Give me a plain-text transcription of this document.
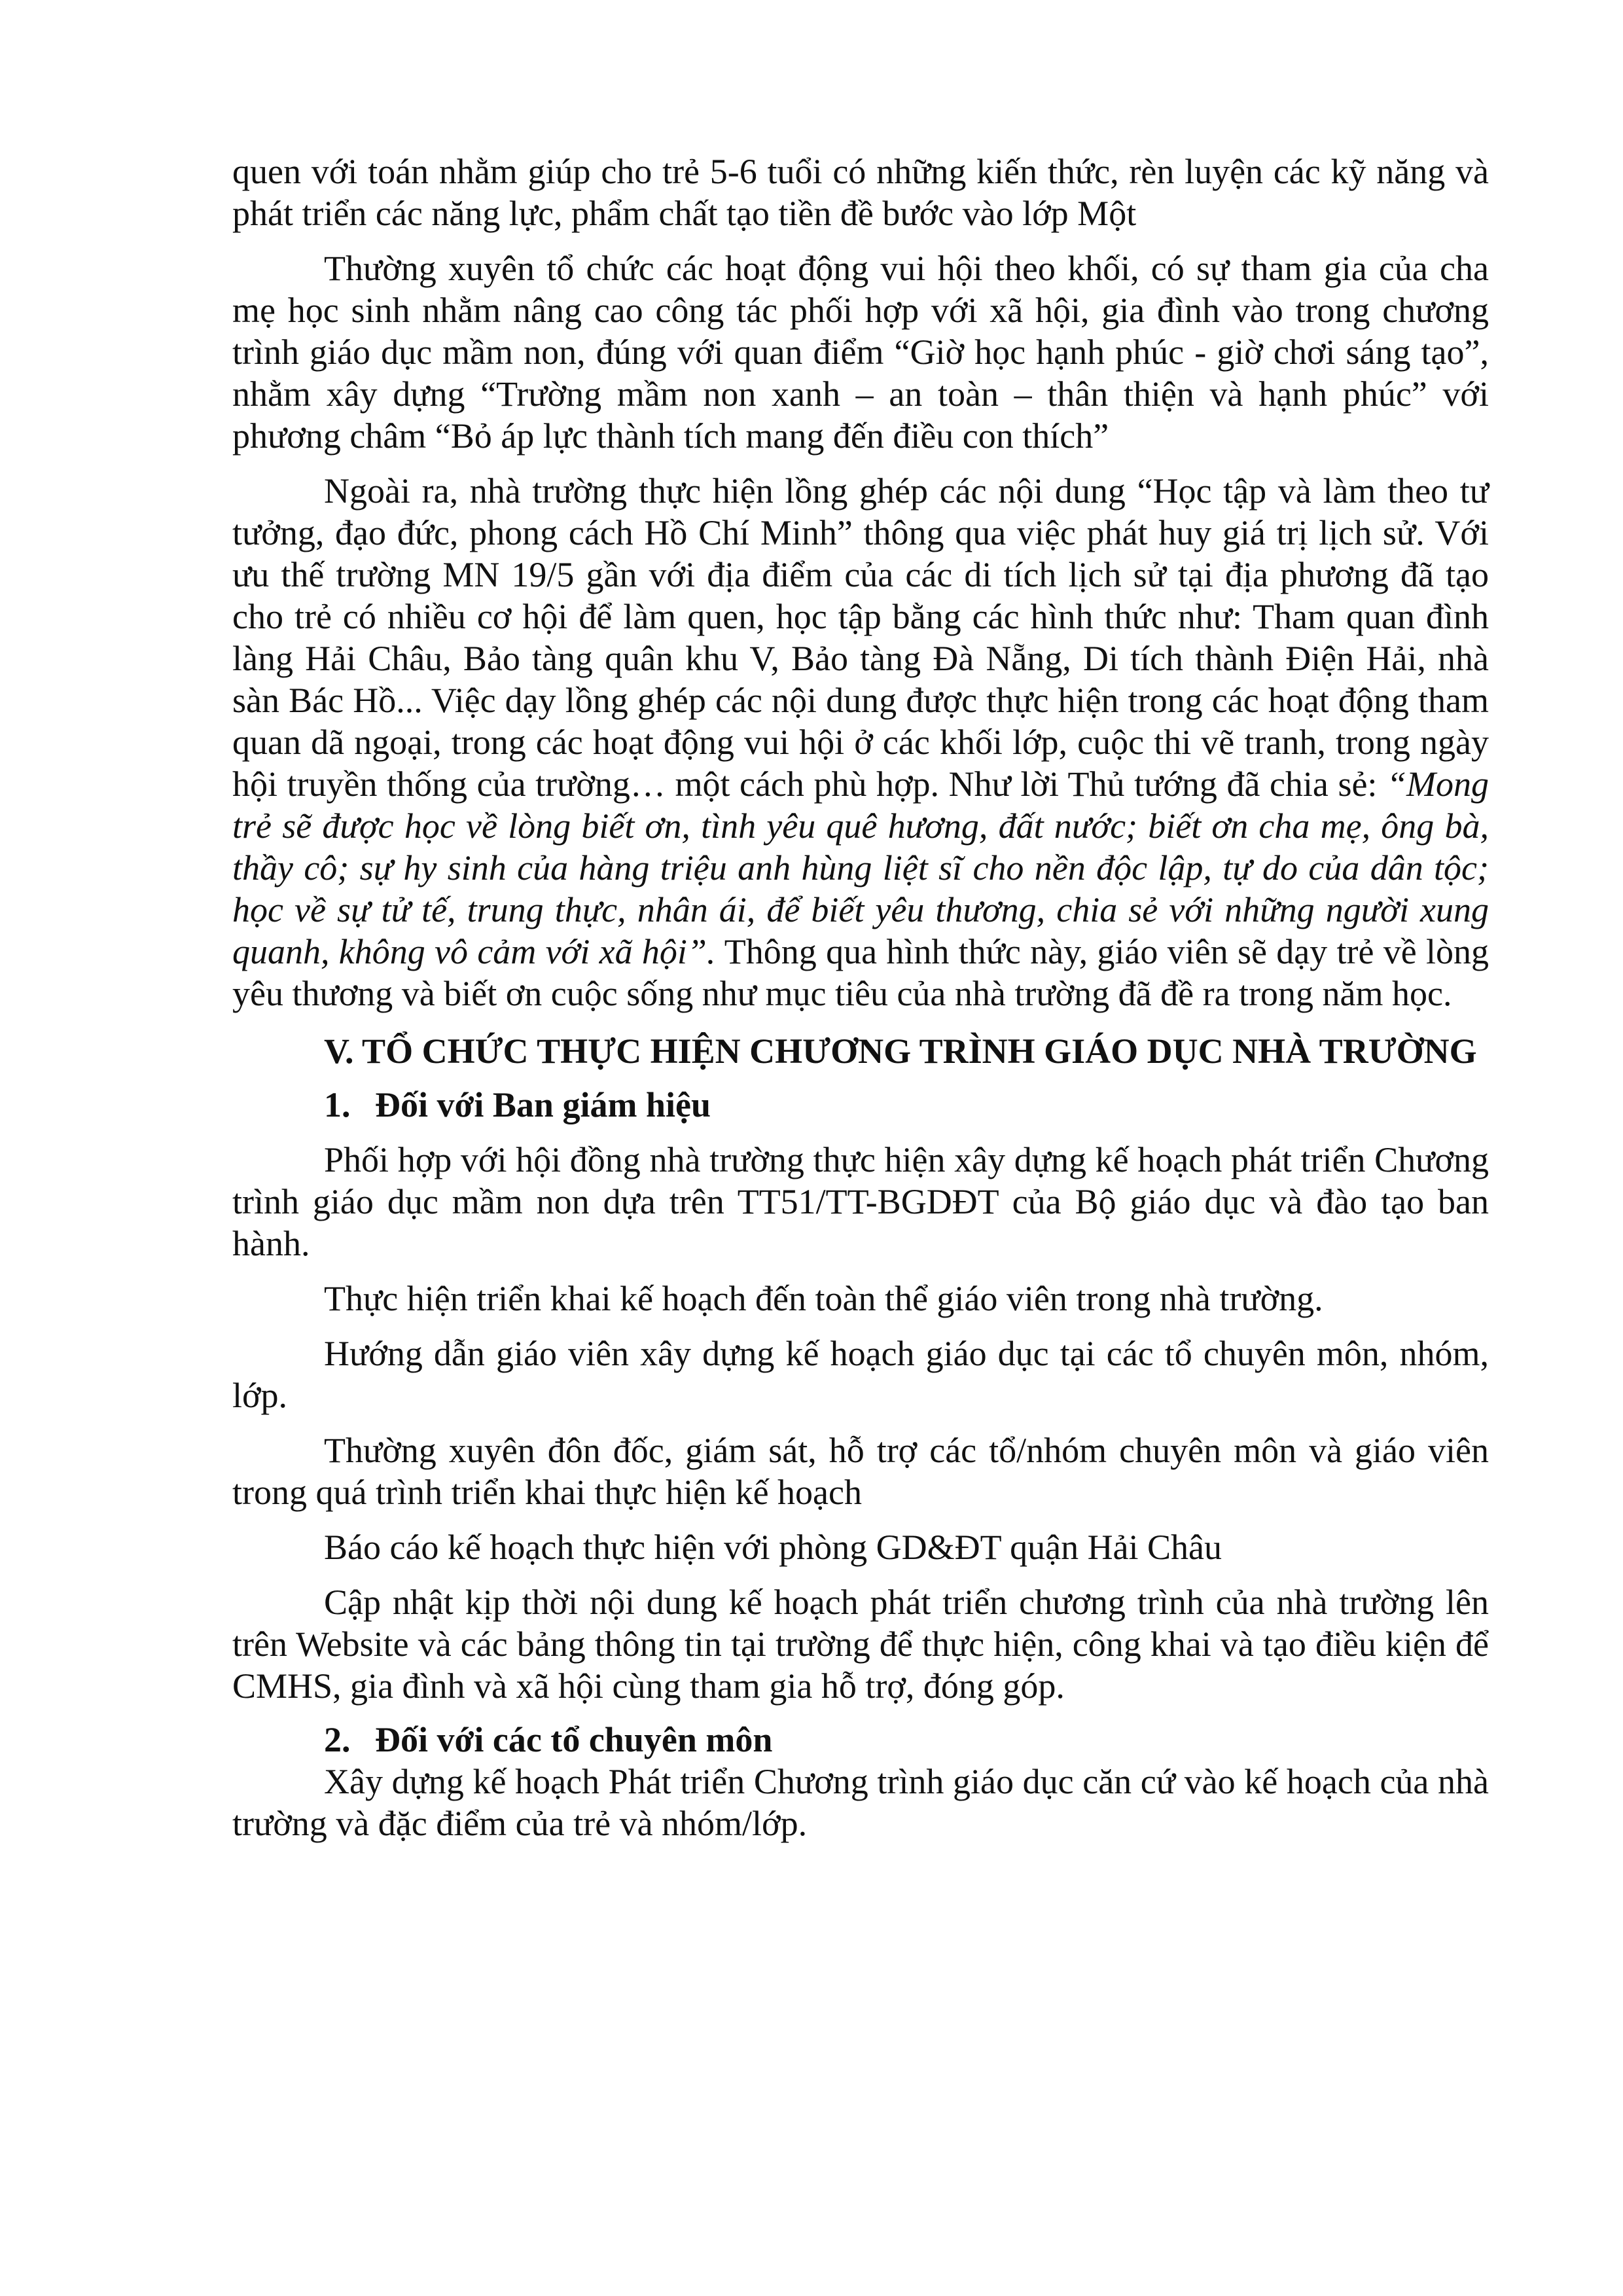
quen với toán nhằm giúp cho trẻ 5-6 tuổi có những kiến thức, rèn luyện các kỹ năng và phát triển các năng lực, phẩm chất tạo tiền đề bước vào lớp Một

Thường xuyên tổ chức các hoạt động vui hội theo khối, có sự tham gia của cha mẹ học sinh nhằm nâng cao công tác phối hợp với xã hội, gia đình vào trong chương trình giáo dục mầm non, đúng với quan điểm “Giờ học hạnh phúc - giờ chơi sáng tạo”, nhằm xây dựng “Trường mầm non xanh – an toàn – thân thiện và hạnh phúc” với phương châm “Bỏ áp lực thành tích mang đến điều con thích”

Ngoài ra, nhà trường thực hiện lồng ghép các nội dung “Học tập và làm theo tư tưởng, đạo đức, phong cách Hồ Chí Minh” thông qua việc phát huy giá trị lịch sử. Với ưu thế trường MN 19/5 gần với địa điểm của các di tích lịch sử tại địa phương đã tạo cho trẻ có nhiều cơ hội để làm quen, học tập bằng các hình thức như: Tham quan đình làng Hải Châu, Bảo tàng quân khu V, Bảo tàng Đà Nẵng, Di tích thành Điện Hải, nhà sàn Bác Hồ... Việc dạy lồng ghép các nội dung được thực hiện trong các hoạt động tham quan dã ngoại, trong các hoạt động vui hội ở các khối lớp, cuộc thi vẽ tranh, trong ngày hội truyền thống của trường… một cách phù hợp. Như lời Thủ tướng đã chia sẻ: “Mong trẻ sẽ được học về lòng biết ơn, tình yêu quê hương, đất nước; biết ơn cha mẹ, ông bà, thầy cô; sự hy sinh của hàng triệu anh hùng liệt sĩ cho nền độc lập, tự do của dân tộc; học về sự tử tế, trung thực, nhân ái, để biết yêu thương, chia sẻ với những người xung quanh, không vô cảm với xã hội”. Thông qua hình thức này, giáo viên sẽ dạy trẻ về lòng yêu thương và biết ơn cuộc sống như mục tiêu của nhà trường đã đề ra trong năm học.

V. TỔ CHỨC THỰC HIỆN CHƯƠNG TRÌNH GIÁO DỤC NHÀ TRƯỜNG

1. Đối với Ban giám hiệu

Phối hợp với hội đồng nhà trường thực hiện xây dựng kế hoạch phát triển Chương trình giáo dục mầm non dựa trên TT51/TT-BGDĐT của Bộ giáo dục và đào tạo ban hành.

Thực hiện triển khai kế hoạch đến toàn thể giáo viên trong nhà trường.

Hướng dẫn giáo viên xây dựng kế hoạch giáo dục tại các tổ chuyên môn, nhóm, lớp.

Thường xuyên đôn đốc, giám sát, hỗ trợ các tổ/nhóm chuyên môn và giáo viên trong quá trình triển khai thực hiện kế hoạch

Báo cáo kế hoạch thực hiện với phòng GD&ĐT quận Hải Châu

Cập nhật kịp thời nội dung kế hoạch phát triển chương trình của nhà trường lên trên Website và các bảng thông tin tại trường để thực hiện, công khai và tạo điều kiện để CMHS, gia đình và xã hội cùng tham gia hỗ trợ, đóng góp.

2. Đối với các tổ chuyên môn

Xây dựng kế hoạch Phát triển Chương trình giáo dục căn cứ vào kế hoạch của nhà trường và đặc điểm của trẻ và nhóm/lớp.
